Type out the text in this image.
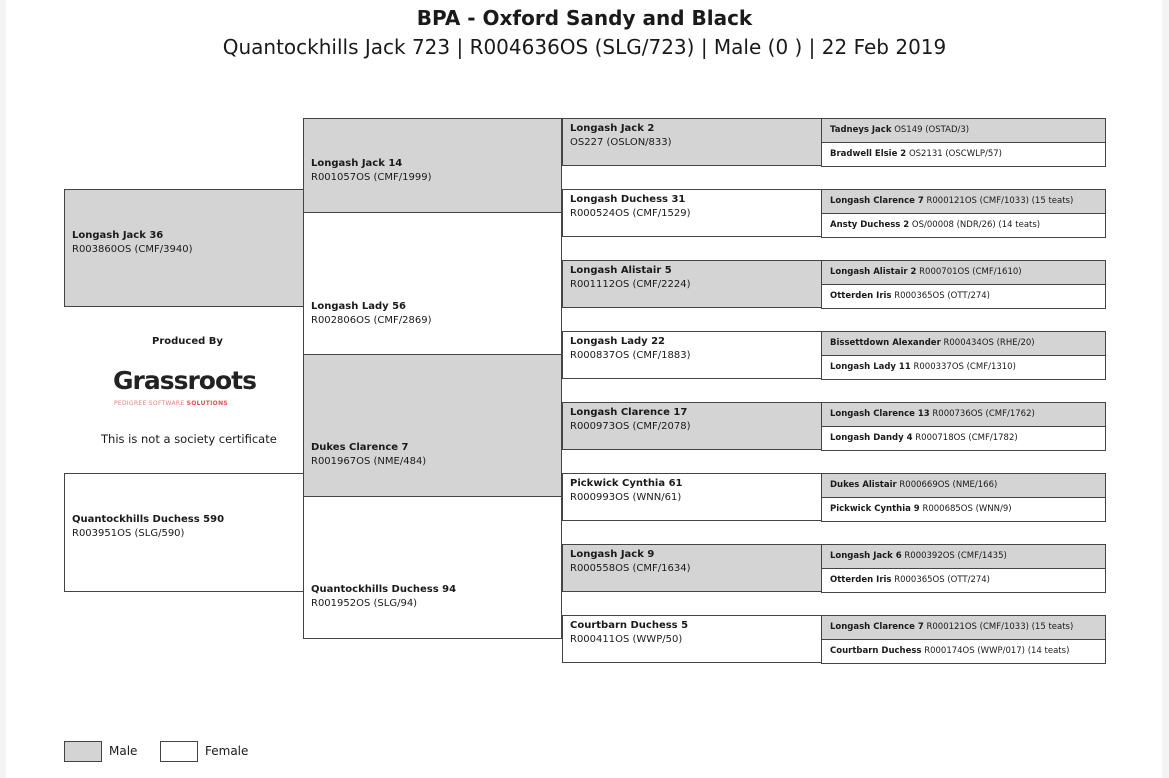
BPA - Oxford Sandy and Black
Quantockhills Jack 723 | R004636OS (SLG/723) | Male (0 ) | 22 Feb 2019
Longash Jack 36
R003860OS (CMF/3940)
Quantockhills Duchess 590
R003951OS (SLG/590)
Longash Jack 14
R001057OS (CMF/1999)
Longash Lady 56
R002806OS (CMF/2869)
Dukes Clarence 7
R001967OS (NME/484)
Quantockhills Duchess 94
R001952OS (SLG/94)
Longash Jack 2
OS227 (OSLON/833)
Longash Duchess 31
R000524OS (CMF/1529)
Longash Alistair 5
R001112OS (CMF/2224)
Longash Lady 22
R000837OS (CMF/1883)
Longash Clarence 17
R000973OS (CMF/2078)
Pickwick Cynthia 61
R000993OS (WNN/61)
Longash Jack 9
R000558OS (CMF/1634)
Courtbarn Duchess 5
R000411OS (WWP/50)
Tadneys Jack OS149 (OSTAD/3)
Bradwell Elsie 2 OS2131 (OSCWLP/57)
Longash Clarence 7 R000121OS (CMF/1033) (15 teats)
Ansty Duchess 2 OS/00008 (NDR/26) (14 teats)
Longash Alistair 2 R000701OS (CMF/1610)
Otterden Iris R000365OS (OTT/274)
Bissettdown Alexander R000434OS (RHE/20)
Longash Lady 11 R000337OS (CMF/1310)
Longash Clarence 13 R000736OS (CMF/1762)
Longash Dandy 4 R000718OS (CMF/1782)
Dukes Alistair R000669OS (NME/166)
Pickwick Cynthia 9 R000685OS (WNN/9)
Longash Jack 6 R000392OS (CMF/1435)
Otterden Iris R000365OS (OTT/274)
Longash Clarence 7 R000121OS (CMF/1033) (15 teats)
Courtbarn Duchess R000174OS (WWP/017) (14 teats)
Produced By
Grassroots
PEDIGREE SOFTWARE SOLUTIONS
This is not a society certificate
Male	Female
